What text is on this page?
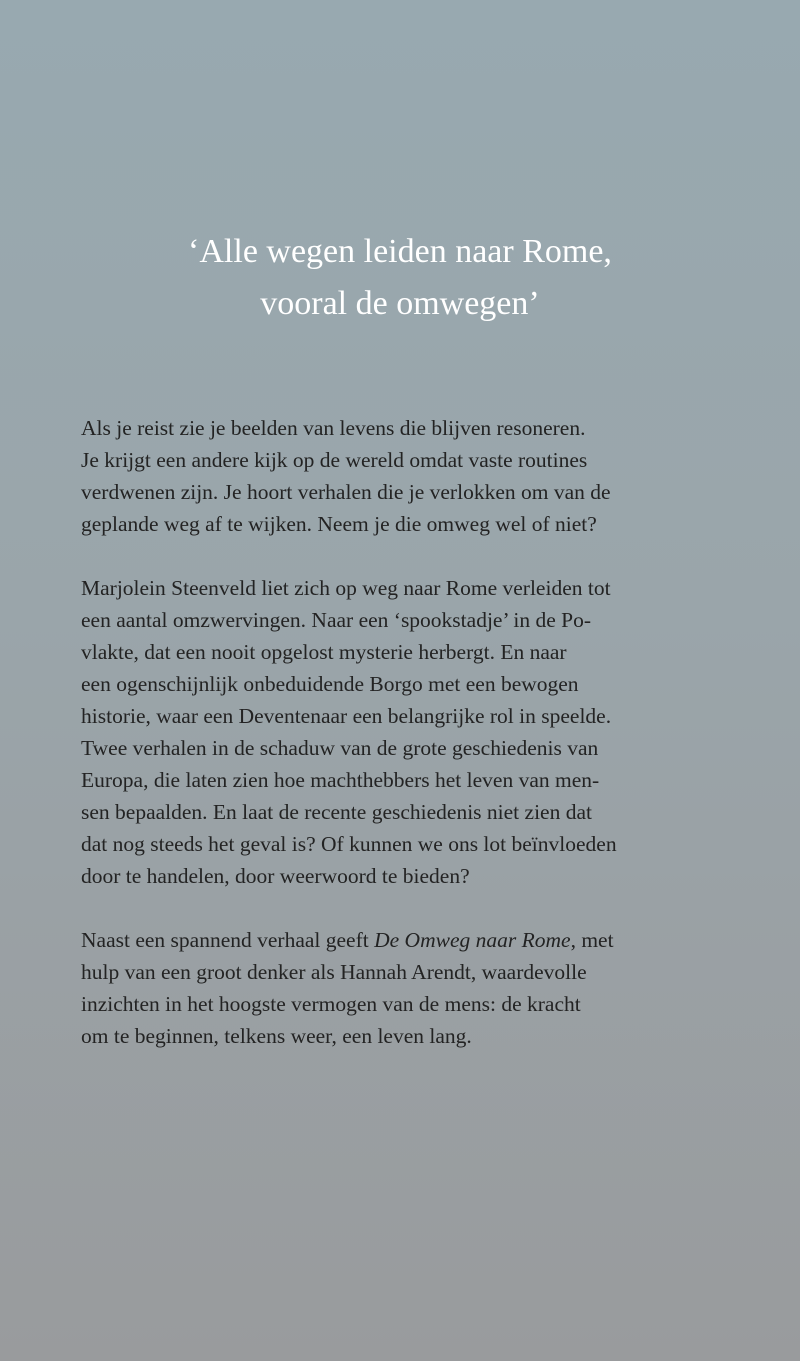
‘Alle wegen leiden naar Rome,
vooral de omwegen’

Als je reist zie je beelden van levens die blijven resoneren.
Je krijgt een andere kijk op de wereld omdat vaste routines
verdwenen zijn. Je hoort verhalen die je verlokken om van de
geplande weg af te wijken. Neem je die omweg wel of niet?

Marjolein Steenveld liet zich op weg naar Rome verleiden tot
een aantal omzwervingen. Naar een ‘spookstadje’ in de Po-
vlakte, dat een nooit opgelost mysterie herbergt. En naar
een ogenschijnlijk onbeduidende Borgo met een bewogen
historie, waar een Deventenaar een belangrijke rol in speelde.
Twee verhalen in de schaduw van de grote geschiedenis van
Europa, die laten zien hoe machthebbers het leven van men-
sen bepaalden. En laat de recente geschiedenis niet zien dat
dat nog steeds het geval is? Of kunnen we ons lot beïnvloeden
door te handelen, door weerwoord te bieden?

Naast een spannend verhaal geeft De Omweg naar Rome, met
hulp van een groot denker als Hannah Arendt, waardevolle
inzichten in het hoogste vermogen van de mens: de kracht
om te beginnen, telkens weer, een leven lang.
